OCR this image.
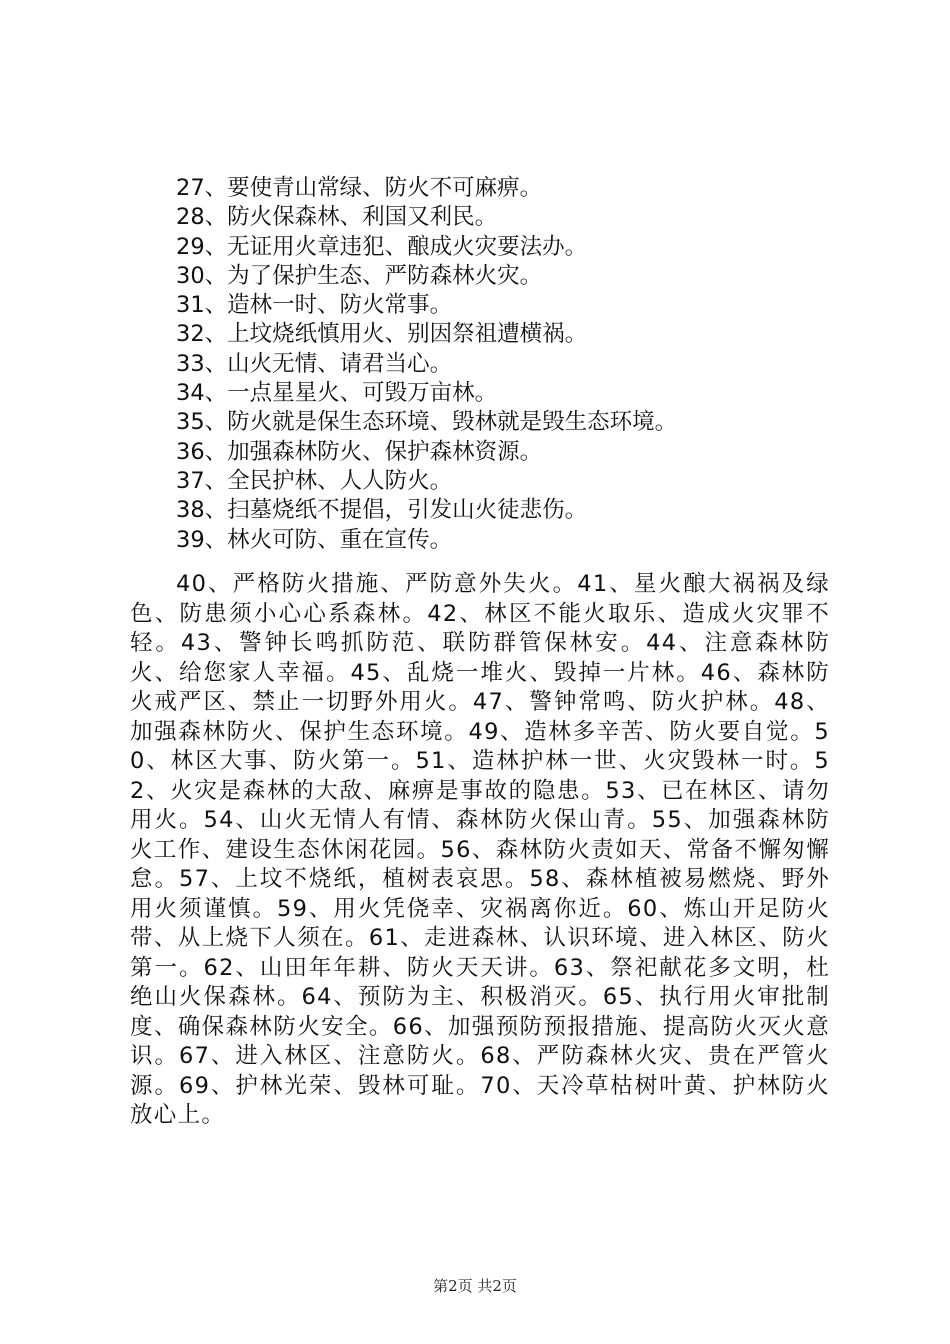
27、要使青山常绿、防火不可麻痹。
28、防火保森林、利国又利民。
29、无证用火章违犯、酿成火灾要法办。
30、为了保护生态、严防森林火灾。
31、造林一时、防火常事。
32、上坟烧纸慎用火、别因祭祖遭横祸。
33、山火无情、请君当心。
34、一点星星火、可毁万亩林。
35、防火就是保生态环境、毁林就是毁生态环境。
36、加强森林防火、保护森林资源。
37、全民护林、人人防火。
38、扫墓烧纸不提倡，引发山火徒悲伤。
39、林火可防、重在宣传。
40、严格防火措施、严防意外失火。41、星火酿大祸祸及绿色、防患须小心心系森林。42、林区不能火取乐、造成火灾罪不轻。43、警钟长鸣抓防范、联防群管保林安。44、注意森林防火、给您家人幸福。45、乱烧一堆火、毁掉一片林。46、森林防火戒严区、禁止一切野外用火。47、警钟常鸣、防火护林。48、加强森林防火、保护生态环境。49、造林多辛苦、防火要自觉。50、林区大事、防火第一。51、造林护林一世、火灾毁林一时。52、火灾是森林的大敌、麻痹是事故的隐患。53、已在林区、请勿用火。54、山火无情人有情、森林防火保山青。55、加强森林防火工作、建设生态休闲花园。56、森林防火责如天、常备不懈匆懈怠。57、上坟不烧纸，植树表哀思。58、森林植被易燃烧、野外用火须谨慎。59、用火凭侥幸、灾祸离你近。60、炼山开足防火带、从上烧下人须在。61、走进森林、认识环境、进入林区、防火第一。62、山田年年耕、防火天天讲。63、祭祀献花多文明，杜绝山火保森林。64、预防为主、积极消灭。65、执行用火审批制度、确保森林防火安全。66、加强预防预报措施、提高防火灭火意识。67、进入林区、注意防火。68、严防森林火灾、贵在严管火源。69、护林光荣、毁林可耻。70、天冷草枯树叶黄、护林防火放心上。
第2页 共2页
